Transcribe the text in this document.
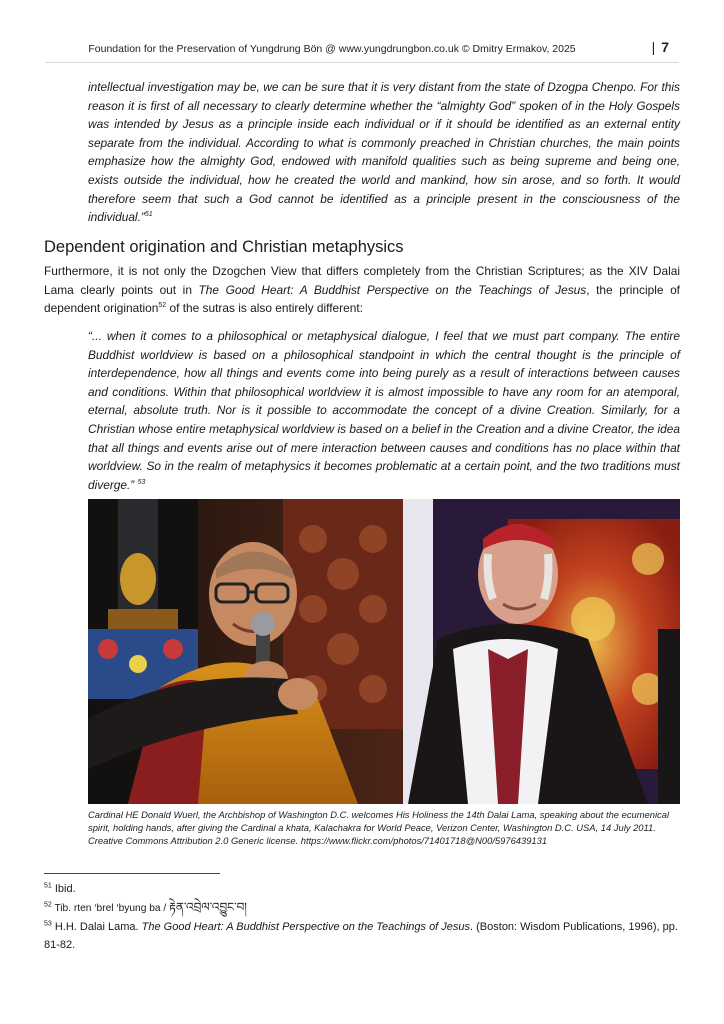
Foundation for the Preservation of Yungdrung Bön @ www.yungdrungbon.co.uk © Dmitry Ermakov, 2025	| 7

intellectual investigation may be, we can be sure that it is very distant from the state of Dzogpa Chenpo. For this reason it is first of all necessary to clearly determine whether the “almighty God” spoken of in the Holy Gospels was intended by Jesus as a principle inside each individual or if it should be identified as an external entity separate from the individual. According to what is commonly preached in Christian churches, the main points emphasize how the almighty God, endowed with manifold qualities such as being supreme and being one, exists outside the individual, how he created the world and mankind, how sin arose, and so forth. It would therefore seem that such a God cannot be identified as a principle present in the consciousness of the individual.”$^{51}$

Dependent origination and Christian metaphysics

Furthermore, it is not only the Dzogchen View that differs completely from the Christian Scriptures; as the XIV Dalai Lama clearly points out in The Good Heart: A Buddhist Perspective on the Teachings of Jesus, the principle of dependent origination$^{52}$ of the sutras is also entirely different:

“... when it comes to a philosophical or metaphysical dialogue, I feel that we must part company. The entire Buddhist worldview is based on a philosophical standpoint in which the central thought is the principle of interdependence, how all things and events come into being purely as a result of interactions between causes and conditions. Within that philosophical worldview it is almost impossible to have any room for an atemporal, eternal, absolute truth. Nor is it possible to accommodate the concept of a divine Creation. Similarly, for a Christian whose entire metaphysical worldview is based on a belief in the Creation and a divine Creator, the idea that all things and events arise out of mere interaction between causes and conditions has no place within that worldview. So in the realm of metaphysics it becomes problematic at a certain point, and the two traditions must diverge.” $^{53}$

Cardinal HE Donald Wuerl, the Archbishop of Washington D.C. welcomes His Holiness the 14th Dalai Lama, speaking about the ecumenical spirit, holding hands, after giving the Cardinal a khata, Kalachakra for World Peace, Verizon Center, Washington D.C. USA, 14 July 2011.
Creative Commons Attribution 2.0 Generic license. https://www.flickr.com/photos/71401718@N00/5976439131

$^{51}$ Ibid.

$^{52}$ Tib. rten ‘brel ‘byung ba / རྟེན་འབྲེལ་འབྱུང་བ།

$^{53}$ H.H. Dalai Lama. The Good Heart: A Buddhist Perspective on the Teachings of Jesus. (Boston: Wisdom Publications, 1996), pp. 81-82.
